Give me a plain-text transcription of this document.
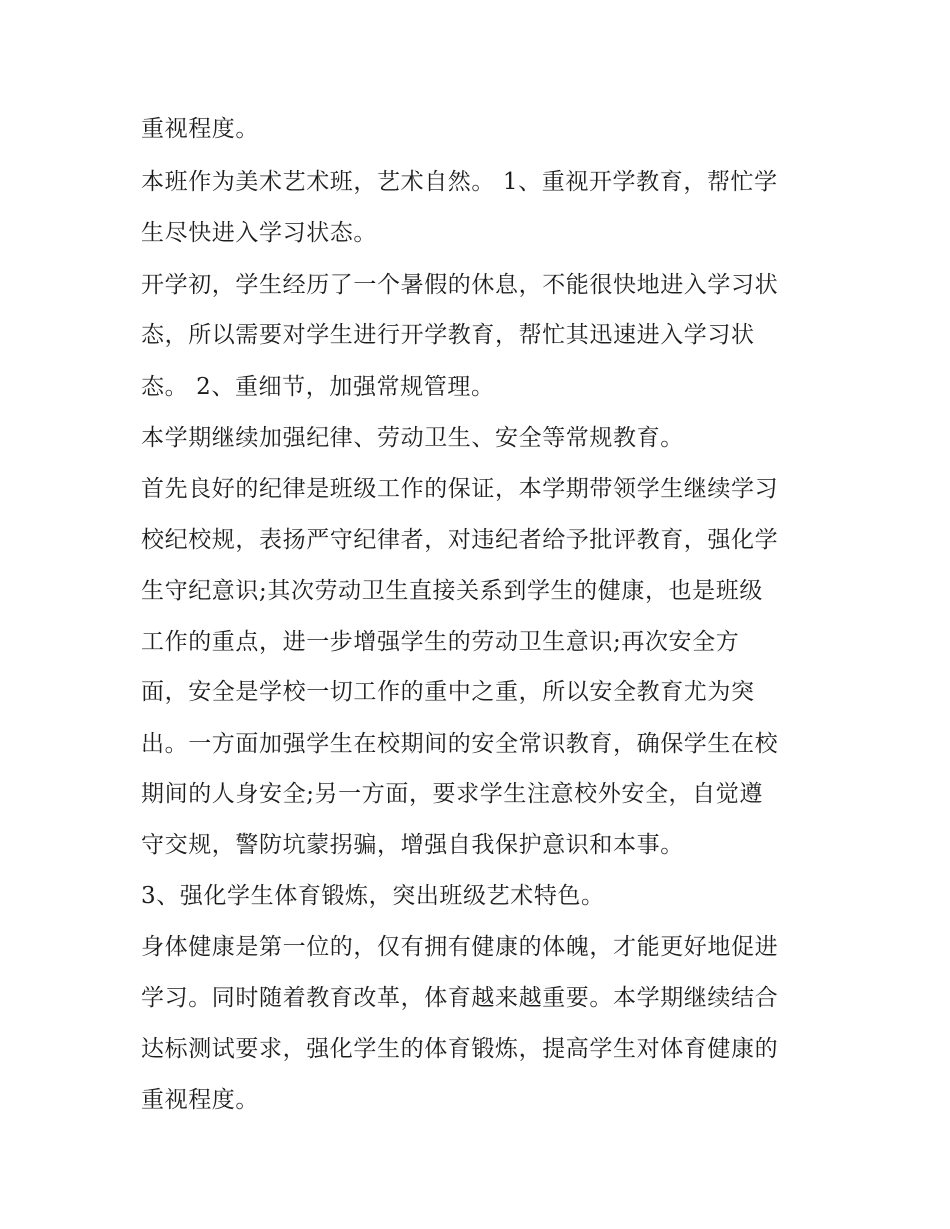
重视程度。

本班作为美术艺术班，艺术自然。 1、重视开学教育，帮忙学

生尽快进入学习状态。

开学初，学生经历了一个暑假的休息，不能很快地进入学习状

态，所以需要对学生进行开学教育，帮忙其迅速进入学习状

态。 2、重细节，加强常规管理。

本学期继续加强纪律、劳动卫生、安全等常规教育。

首先良好的纪律是班级工作的保证，本学期带领学生继续学习

校纪校规，表扬严守纪律者，对违纪者给予批评教育，强化学

生守纪意识;其次劳动卫生直接关系到学生的健康，也是班级

工作的重点，进一步增强学生的劳动卫生意识;再次安全方

面，安全是学校一切工作的重中之重，所以安全教育尤为突

出。一方面加强学生在校期间的安全常识教育，确保学生在校

期间的人身安全;另一方面，要求学生注意校外安全，自觉遵

守交规，警防坑蒙拐骗，增强自我保护意识和本事。

3、强化学生体育锻炼，突出班级艺术特色。

身体健康是第一位的，仅有拥有健康的体魄，才能更好地促进

学习。同时随着教育改革，体育越来越重要。本学期继续结合

达标测试要求，强化学生的体育锻炼，提高学生对体育健康的

重视程度。
